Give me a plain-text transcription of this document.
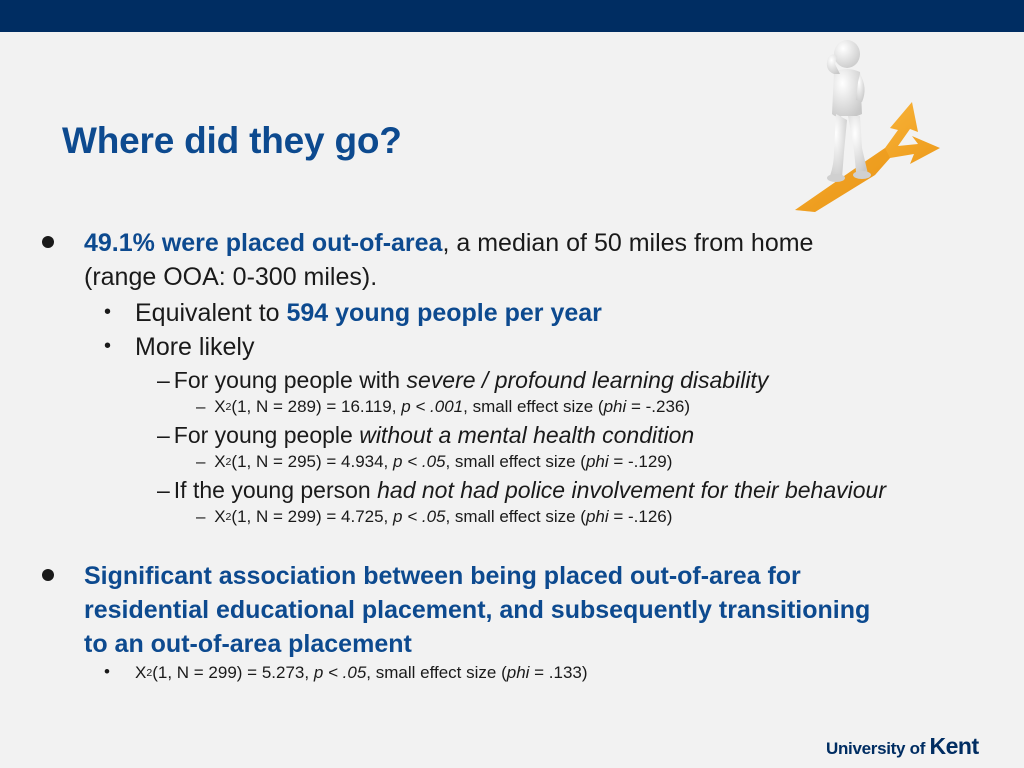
Where did they go?
49.1% were placed out-of-area, a median of 50 miles from home
(range OOA: 0-300 miles).
• Equivalent to 594 young people per year
• More likely
– For young people with severe / profound learning disability
– $X^2(1$, N = 289) = 16.119, p < .001, small effect size (phi = -.236)
– For young people without a mental health condition
– $X^2(1$, N = 295) = 4.934, p < .05, small effect size (phi = -.129)
– If the young person had not had police involvement for their behaviour
– $X^2(1$, N = 299) = 4.725, p < .05, small effect size (phi = -.126)
Significant association between being placed out-of-area for
residential educational placement, and subsequently transitioning
to an out-of-area placement
• $X^2(1$, N = 299) = 5.273, p < .05, small effect size (phi = .133)
University of Kent
